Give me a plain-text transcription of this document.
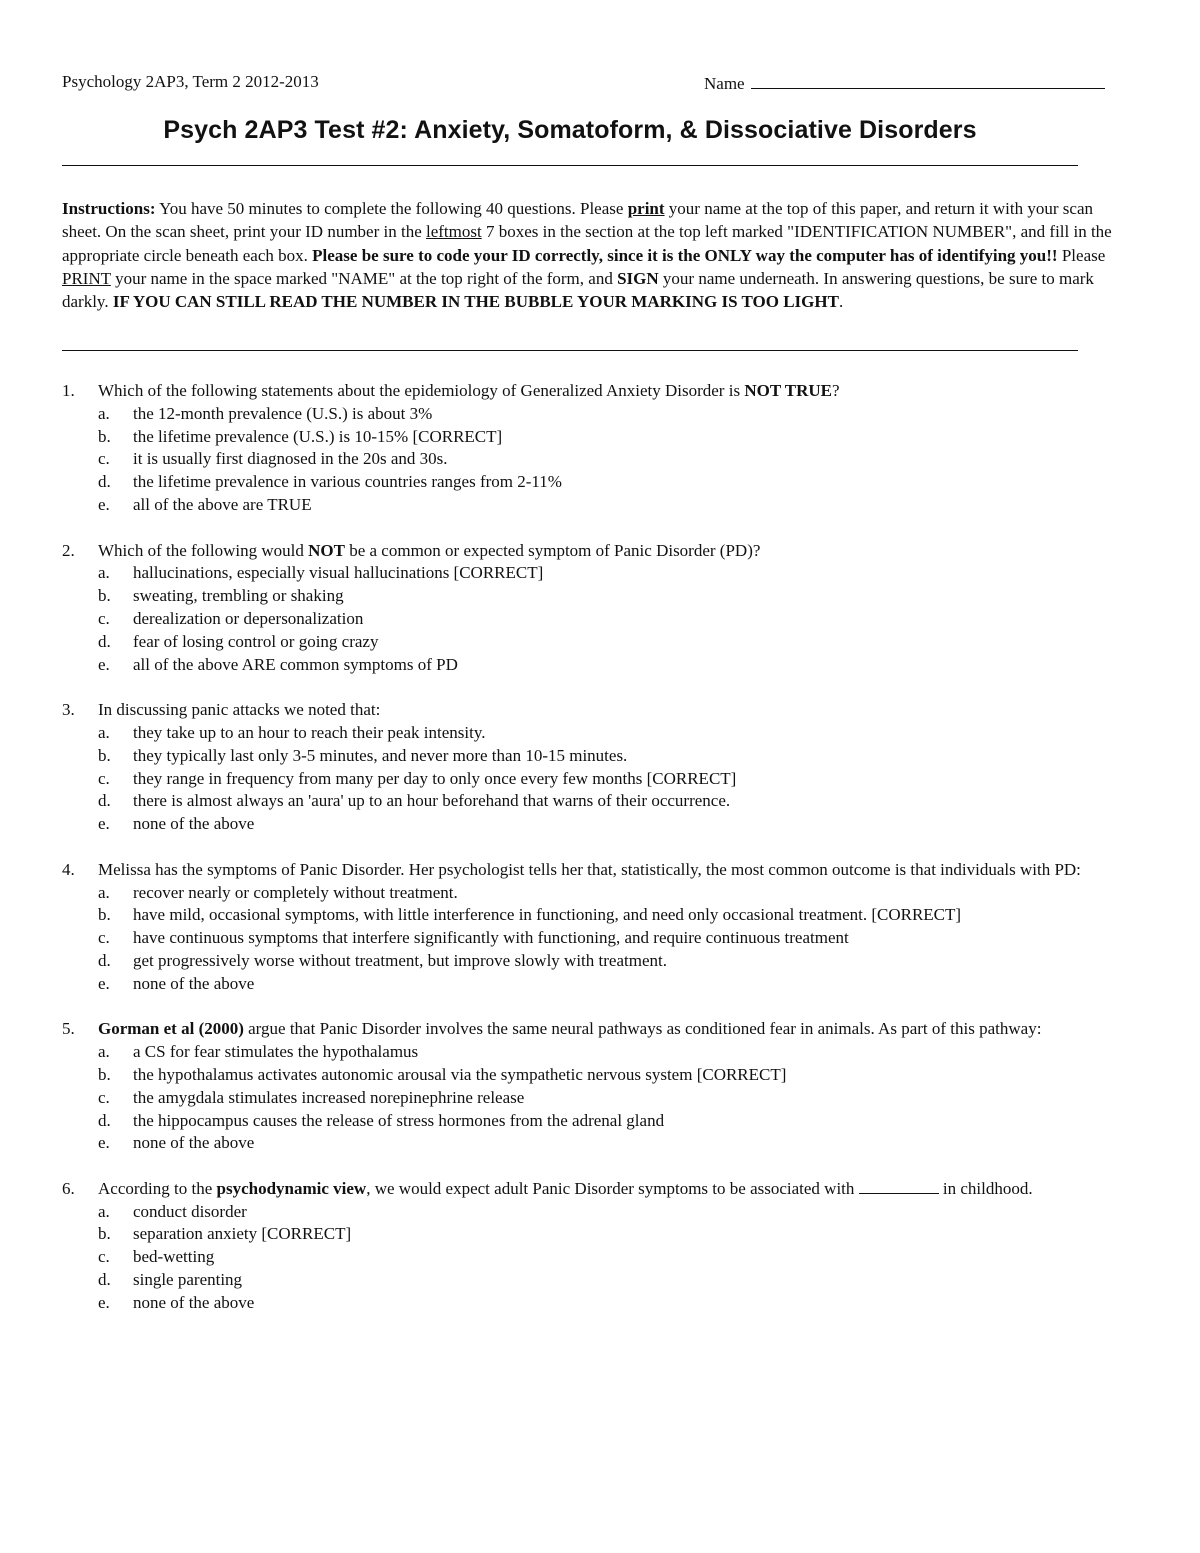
Psychology 2AP3, Term 2 2012-2013	Name
Psych 2AP3 Test #2: Anxiety, Somatoform, & Dissociative Disorders
Instructions: You have 50 minutes to complete the following 40 questions. Please print your name at the top of this paper, and return it with your scan sheet. On the scan sheet, print your ID number in the leftmost 7 boxes in the section at the top left marked "IDENTIFICATION NUMBER", and fill in the appropriate circle beneath each box. Please be sure to code your ID correctly, since it is the ONLY way the computer has of identifying you!! Please PRINT your name in the space marked "NAME" at the top right of the form, and SIGN your name underneath. In answering questions, be sure to mark darkly. IF YOU CAN STILL READ THE NUMBER IN THE BUBBLE YOUR MARKING IS TOO LIGHT.
1. Which of the following statements about the epidemiology of Generalized Anxiety Disorder is NOT TRUE?
a. the 12-month prevalence (U.S.) is about 3%
b. the lifetime prevalence (U.S.) is 10-15% [CORRECT]
c. it is usually first diagnosed in the 20s and 30s.
d. the lifetime prevalence in various countries ranges from 2-11%
e. all of the above are TRUE
2. Which of the following would NOT be a common or expected symptom of Panic Disorder (PD)?
a. hallucinations, especially visual hallucinations [CORRECT]
b. sweating, trembling or shaking
c. derealization or depersonalization
d. fear of losing control or going crazy
e. all of the above ARE common symptoms of PD
3. In discussing panic attacks we noted that:
a. they take up to an hour to reach their peak intensity.
b. they typically last only 3-5 minutes, and never more than 10-15 minutes.
c. they range in frequency from many per day to only once every few months [CORRECT]
d. there is almost always an 'aura' up to an hour beforehand that warns of their occurrence.
e. none of the above
4. Melissa has the symptoms of Panic Disorder. Her psychologist tells her that, statistically, the most common outcome is that individuals with PD:
a. recover nearly or completely without treatment.
b. have mild, occasional symptoms, with little interference in functioning, and need only occasional treatment. [CORRECT]
c. have continuous symptoms that interfere significantly with functioning, and require continuous treatment
d. get progressively worse without treatment, but improve slowly with treatment.
e. none of the above
5. Gorman et al (2000) argue that Panic Disorder involves the same neural pathways as conditioned fear in animals. As part of this pathway:
a. a CS for fear stimulates the hypothalamus
b. the hypothalamus activates autonomic arousal via the sympathetic nervous system [CORRECT]
c. the amygdala stimulates increased norepinephrine release
d. the hippocampus causes the release of stress hormones from the adrenal gland
e. none of the above
6. According to the psychodynamic view, we would expect adult Panic Disorder symptoms to be associated with	in childhood.
a. conduct disorder
b. separation anxiety [CORRECT]
c. bed-wetting
d. single parenting
e. none of the above
